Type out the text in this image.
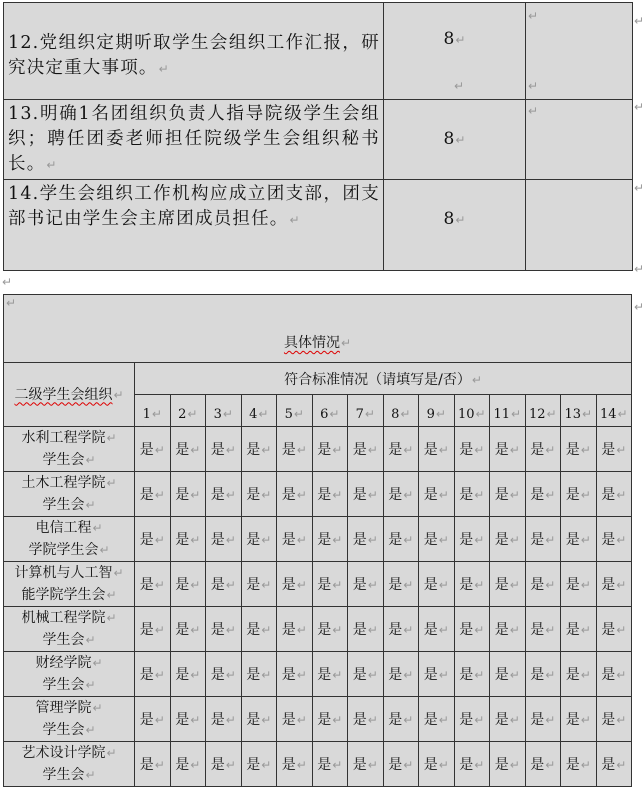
12.党组织定期听取学生会组织工作汇报，研究决定重大事项。↵	8↵
↵	↵
↵

13.明确1名团组织负责人指导院级学生会组织；聘任团委老师担任院级学生会组织秘书长。↵	8↵	↵

14.学生会组织工作机构应成立团支部，团支部书记由学生会主席团成员担任。↵	8↵	
↵
↵
↵
↵
↵
↵
↵
具体情况↵														
二级学生会组织↵	符合标准情况（请填写是/否）↵													
	1↵	2↵	3↵	4↵	5↵	6↵	7↵	8↵	9↵	10↵	11↵	12↵	13↵	14↵

水利工程学院↵
学生会↵	是↵	是↵	是↵	是↵	是↵	是↵	是↵	是↵	是↵	是↵	是↵	是↵	是↵	是↵

土木工程学院↵
学生会↵	是↵	是↵	是↵	是↵	是↵	是↵	是↵	是↵	是↵	是↵	是↵	是↵	是↵	是↵

电信工程↵
学院学生会↵	是↵	是↵	是↵	是↵	是↵	是↵	是↵	是↵	是↵	是↵	是↵	是↵	是↵	是↵

计算机与人工智↵
能学院学生会↵	是↵	是↵	是↵	是↵	是↵	是↵	是↵	是↵	是↵	是↵	是↵	是↵	是↵	是↵

机械工程学院↵
学生会↵	是↵	是↵	是↵	是↵	是↵	是↵	是↵	是↵	是↵	是↵	是↵	是↵	是↵	是↵

财经学院↵
学生会↵	是↵	是↵	是↵	是↵	是↵	是↵	是↵	是↵	是↵	是↵	是↵	是↵	是↵	是↵

管理学院↵
学生会↵	是↵	是↵	是↵	是↵	是↵	是↵	是↵	是↵	是↵	是↵	是↵	是↵	是↵	是↵

艺术设计学院↵
学生会↵	是↵	是↵	是↵	是↵	是↵	是↵	是↵	是↵	是↵	是↵	是↵	是↵	是↵	是↵
